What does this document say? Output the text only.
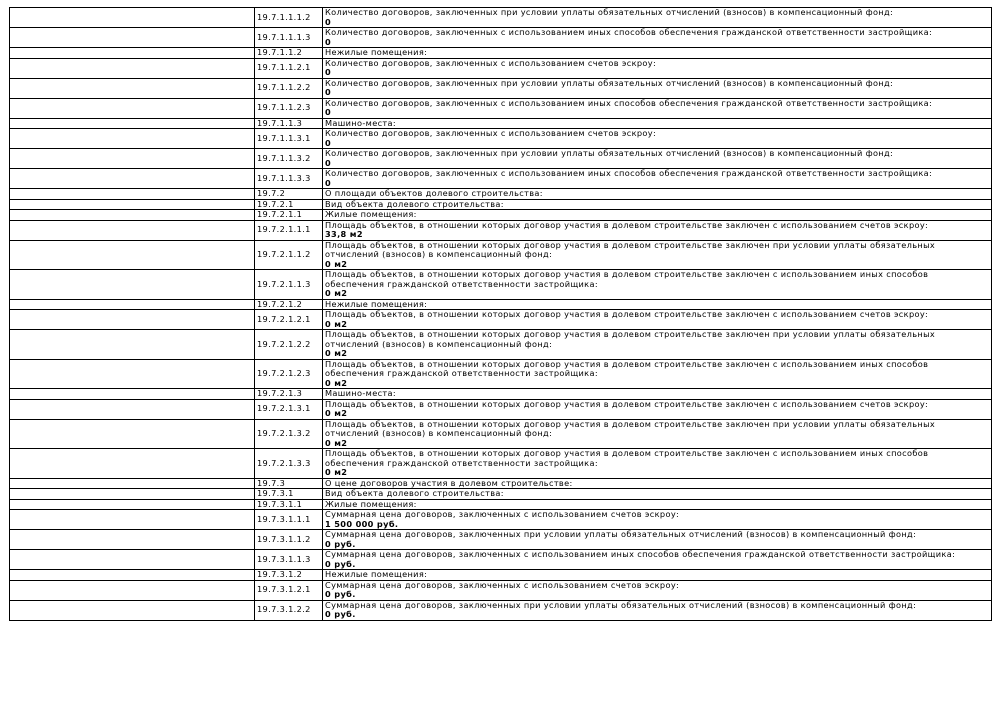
	19.7.1.1.1.2	Количество договоров, заключенных при условии уплаты обязательных отчислений (взносов) в компенсационный фонд:
0

	19.7.1.1.1.3	Количество договоров, заключенных с использованием иных способов обеспечения гражданской ответственности застройщика:
0

	19.7.1.1.2	Нежилые помещения:
	19.7.1.1.2.1	Количество договоров, заключенных с использованием счетов эскроу:
0

	19.7.1.1.2.2	Количество договоров, заключенных при условии уплаты обязательных отчислений (взносов) в компенсационный фонд:
0

	19.7.1.1.2.3	Количество договоров, заключенных с использованием иных способов обеспечения гражданской ответственности застройщика:
0

	19.7.1.1.3	Машино-места:
	19.7.1.1.3.1	Количество договоров, заключенных с использованием счетов эскроу:
0

	19.7.1.1.3.2	Количество договоров, заключенных при условии уплаты обязательных отчислений (взносов) в компенсационный фонд:
0

	19.7.1.1.3.3	Количество договоров, заключенных с использованием иных способов обеспечения гражданской ответственности застройщика:
0

	19.7.2	О площади объектов долевого строительства:
	19.7.2.1	Вид объекта долевого строительства:
	19.7.2.1.1	Жилые помещения:
	19.7.2.1.1.1	Площадь объектов, в отношении которых договор участия в долевом строительстве заключен с использованием счетов эскроу:
33,8 м2

	19.7.2.1.1.2	Площадь объектов, в отношении которых договор участия в долевом строительстве заключен при условии уплаты обязательных отчислений (взносов) в компенсационный фонд:
0 м2

	19.7.2.1.1.3	Площадь объектов, в отношении которых договор участия в долевом строительстве заключен с использованием иных способов обеспечения гражданской ответственности застройщика:
0 м2

	19.7.2.1.2	Нежилые помещения:
	19.7.2.1.2.1	Площадь объектов, в отношении которых договор участия в долевом строительстве заключен с использованием счетов эскроу:
0 м2

	19.7.2.1.2.2	Площадь объектов, в отношении которых договор участия в долевом строительстве заключен при условии уплаты обязательных отчислений (взносов) в компенсационный фонд:
0 м2

	19.7.2.1.2.3	Площадь объектов, в отношении которых договор участия в долевом строительстве заключен с использованием иных способов обеспечения гражданской ответственности застройщика:
0 м2

	19.7.2.1.3	Машино-места:
	19.7.2.1.3.1	Площадь объектов, в отношении которых договор участия в долевом строительстве заключен с использованием счетов эскроу:
0 м2

	19.7.2.1.3.2	Площадь объектов, в отношении которых договор участия в долевом строительстве заключен при условии уплаты обязательных отчислений (взносов) в компенсационный фонд:
0 м2

	19.7.2.1.3.3	Площадь объектов, в отношении которых договор участия в долевом строительстве заключен с использованием иных способов обеспечения гражданской ответственности застройщика:
0 м2

	19.7.3	О цене договоров участия в долевом строительстве:
	19.7.3.1	Вид объекта долевого строительства:
	19.7.3.1.1	Жилые помещения:
	19.7.3.1.1.1	Суммарная цена договоров, заключенных с использованием счетов эскроу:
1 500 000 руб.

	19.7.3.1.1.2	Суммарная цена договоров, заключенных при условии уплаты обязательных отчислений (взносов) в компенсационный фонд:
0 руб.

	19.7.3.1.1.3	Суммарная цена договоров, заключенных с использованием иных способов обеспечения гражданской ответственности застройщика:
0 руб.

	19.7.3.1.2	Нежилые помещения:
	19.7.3.1.2.1	Суммарная цена договоров, заключенных с использованием счетов эскроу:
0 руб.

	19.7.3.1.2.2	Суммарная цена договоров, заключенных при условии уплаты обязательных отчислений (взносов) в компенсационный фонд:
0 руб.
